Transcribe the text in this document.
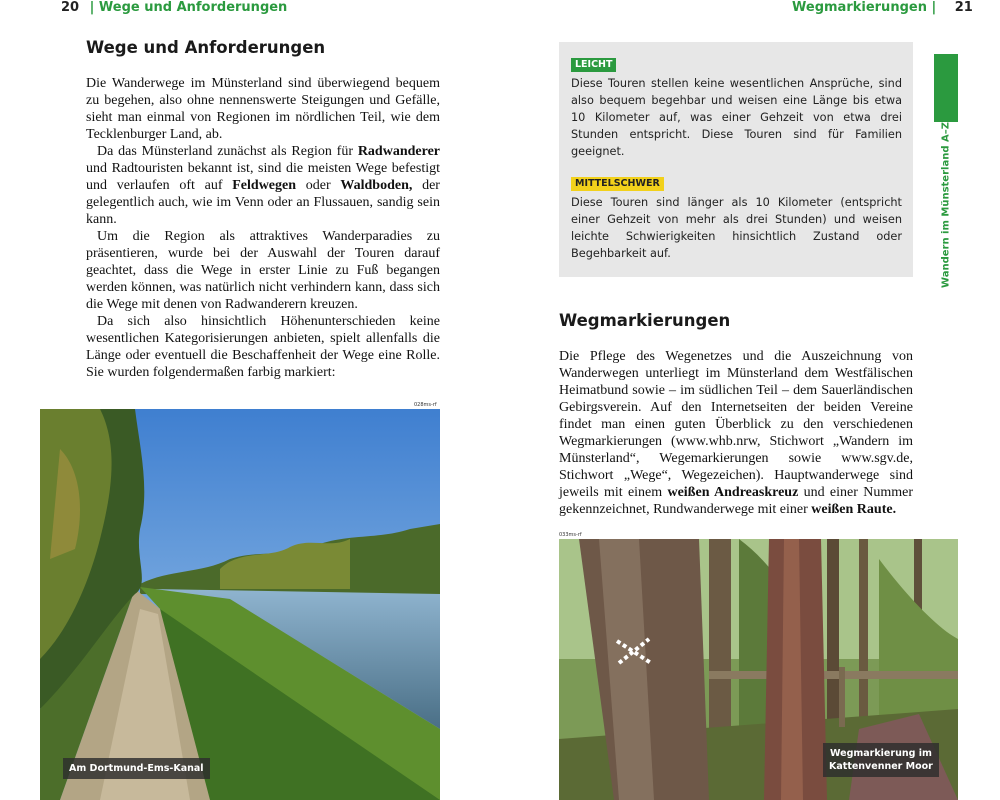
20 | Wege und Anforderungen
Wege und Anforderungen

Die Wanderwege im Münsterland sind überwiegend bequem zu begehen, also ohne nennenswerte Steigungen und Gefälle, sieht man einmal von Regionen im nördlichen Teil, wie dem Tecklenburger Land, ab.

Da das Münsterland zunächst als Region für Radwanderer und Radtouristen bekannt ist, sind die meisten Wege befestigt und verlaufen oft auf Feldwegen oder Waldboden, der gelegentlich auch, wie im Venn oder an Flussauen, sandig sein kann.

Um die Region als attraktives Wanderparadies zu präsentieren, wurde bei der Auswahl der Touren darauf geachtet, dass die Wege in erster Linie zu Fuß begangen werden können, was natürlich nicht verhindern kann, dass sich die Wege mit denen von Radwanderern kreuzen.

Da sich also hinsichtlich Höhenunterschieden keine wesentlichen Kategorisierungen anbieten, spielt allenfalls die Länge oder eventuell die Beschaffenheit der Wege eine Rolle. Sie wurden folgendermaßen farbig markiert:

028ms-rf
Am Dortmund-Ems-Kanal
Wegmarkierungen | 21
Wandern im Münsterland A–Z
LEICHT
Diese Touren stellen keine wesentlichen Ansprüche, sind also bequem begehbar und weisen eine Länge bis etwa 10 Kilometer auf, was einer Gehzeit von etwa drei Stunden entspricht. Diese Touren sind für Familien geeignet.
MITTELSCHWER
Diese Touren sind länger als 10 Kilometer (entspricht einer Gehzeit von mehr als drei Stunden) und weisen leichte Schwierigkeiten hinsichtlich Zustand oder Begehbarkeit auf.
Wegmarkierungen

Die Pflege des Wegenetzes und die Auszeichnung von Wanderwegen unterliegt im Münsterland dem Westfälischen Heimatbund sowie – im südlichen Teil – dem Sauerländischen Gebirgsverein. Auf den Internetseiten der beiden Vereine findet man einen guten Überblick zu den verschiedenen Wegmarkierungen (www.whb.nrw, Stichwort „Wandern im Münsterland“, Wegemarkierungen sowie www.sgv.de, Stichwort „Wege“, Wegezeichen). Hauptwanderwege sind jeweils mit einem weißen Andreaskreuz und einer Nummer gekennzeichnet, Rundwanderwege mit einer weißen Raute.

033ms-rf
Wegmarkierung im
Kattenvenner Moor
